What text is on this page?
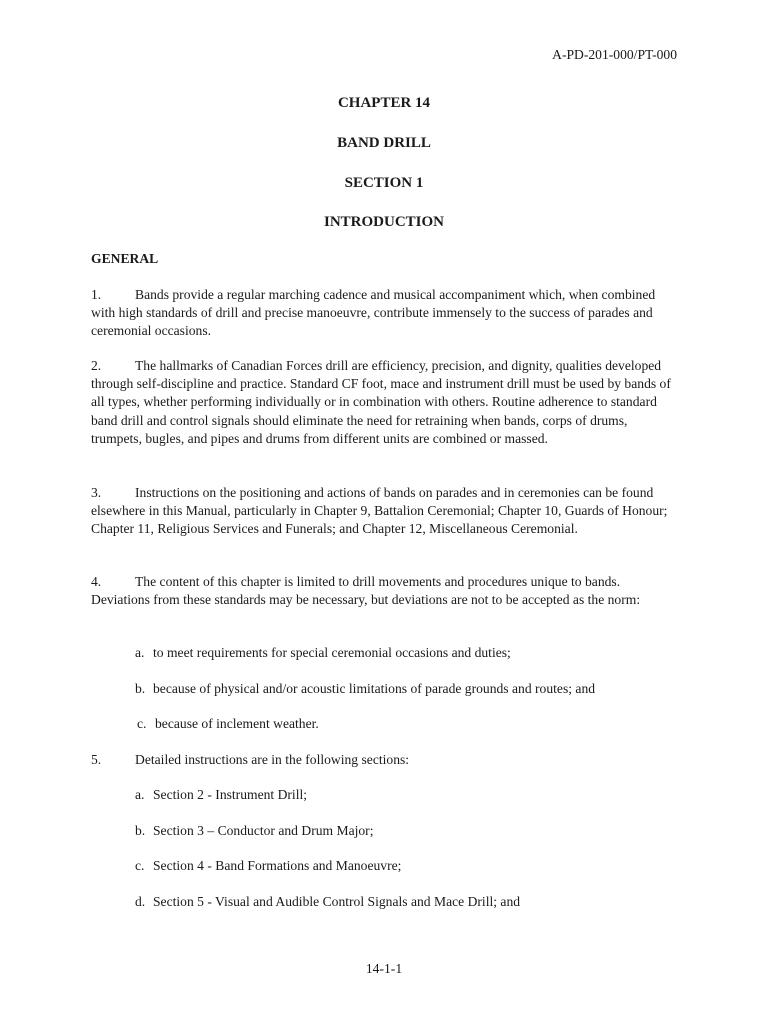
A-PD-201-000/PT-000
CHAPTER 14
BAND DRILL
SECTION 1
INTRODUCTION
GENERAL
1. Bands provide a regular marching cadence and musical accompaniment which, when combined with high standards of drill and precise manoeuvre, contribute immensely to the success of parades and ceremonial occasions.
2. The hallmarks of Canadian Forces drill are efficiency, precision, and dignity, qualities developed through self-discipline and practice. Standard CF foot, mace and instrument drill must be used by bands of all types, whether performing individually or in combination with others. Routine adherence to standard band drill and control signals should eliminate the need for retraining when bands, corps of drums, trumpets, bugles, and pipes and drums from different units are combined or massed.
3. Instructions on the positioning and actions of bands on parades and in ceremonies can be found elsewhere in this Manual, particularly in Chapter 9, Battalion Ceremonial; Chapter 10, Guards of Honour; Chapter 11, Religious Services and Funerals; and Chapter 12, Miscellaneous Ceremonial.
4. The content of this chapter is limited to drill movements and procedures unique to bands. Deviations from these standards may be necessary, but deviations are not to be accepted as the norm:
a. to meet requirements for special ceremonial occasions and duties;
b. because of physical and/or acoustic limitations of parade grounds and routes; and
c. because of inclement weather.
5. Detailed instructions are in the following sections:
a. Section 2 - Instrument Drill;
b. Section 3 – Conductor and Drum Major;
c. Section 4 - Band Formations and Manoeuvre;
d. Section 5 - Visual and Audible Control Signals and Mace Drill; and
14-1-1
